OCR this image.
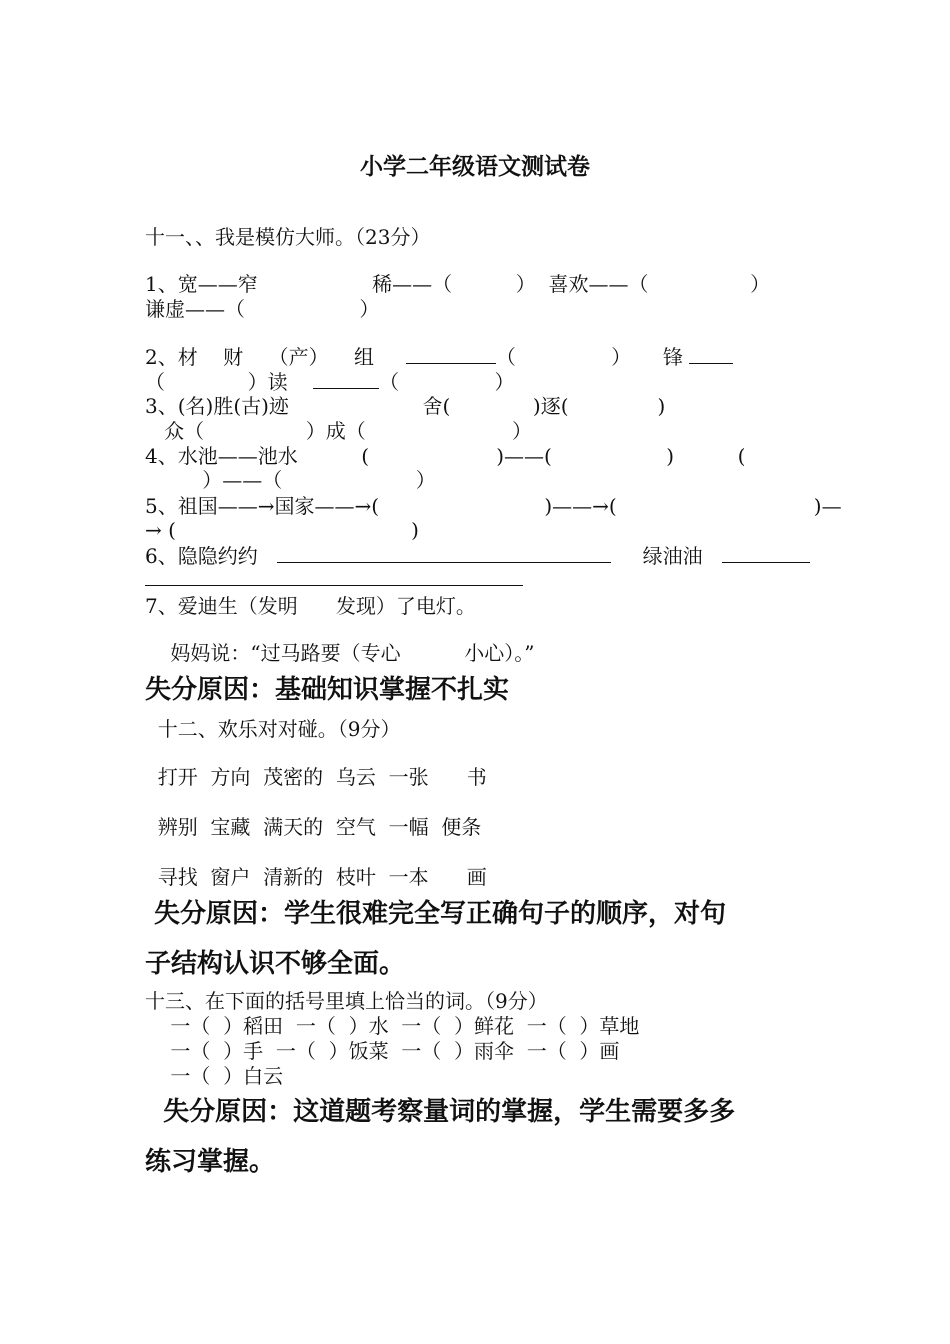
小学二年级语文测试卷
十一、、我是模仿大师。（23分）
1、宽——窄                  稀——（          ）  喜欢——（                ）
谦虚——（                  ）
2、材    财    （产）    组	（               ）     锋
（             ）读	（               ）
3、(名)胜(古)迹                     舍(             )逐(              )
众（                ）成（                       ）
4、水池——池水          (                    )——(                  )          (
）——（                     ）
5、祖国——→国家——→(                          )——→(                               )—
→ (                                     )
6、隐隐约约	绿油油
7、爱迪生（发明      发现）了电灯。
妈妈说：“过马路要（专心          小心）。”
失分原因：基础知识掌握不扎实
十二、欢乐对对碰。（9分）
打开  方向  茂密的  乌云  一张      书
辨别  宝藏  满天的  空气  一幅  便条
寻找  窗户  清新的  枝叶  一本      画
失分原因：学生很难完全写正确句子的顺序，对句
子结构认识不够全面。
十三、在下面的括号里填上恰当的词。（9分）
一（  ）稻田  一（  ）水  一（  ）鲜花  一（  ）草地
一（  ）手  一（  ）饭菜  一（  ）雨伞  一（  ）画
一（  ）白云
失分原因：这道题考察量词的掌握，学生需要多多
练习掌握。
